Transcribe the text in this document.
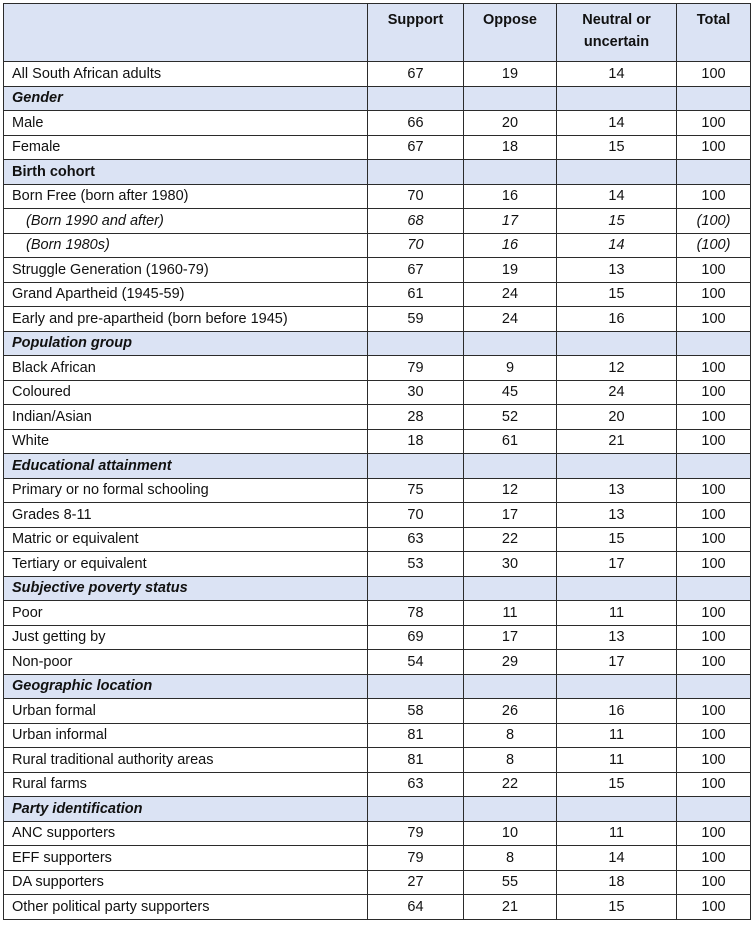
	Support	Oppose	Neutral or uncertain	Total
All South African adults	67	19	14	100
Gender				
Male	66	20	14	100
Female	67	18	15	100
Birth cohort				
Born Free (born after 1980)	70	16	14	100
(Born 1990 and after)	68	17	15	(100)
(Born 1980s)	70	16	14	(100)
Struggle Generation (1960-79)	67	19	13	100
Grand Apartheid (1945-59)	61	24	15	100
Early and pre-apartheid (born before 1945)	59	24	16	100
Population group				
Black African	79	9	12	100
Coloured	30	45	24	100
Indian/Asian	28	52	20	100
White	18	61	21	100
Educational attainment				
Primary or no formal schooling	75	12	13	100
Grades 8-11	70	17	13	100
Matric or equivalent	63	22	15	100
Tertiary or equivalent	53	30	17	100
Subjective poverty status				
Poor	78	11	11	100
Just getting by	69	17	13	100
Non-poor	54	29	17	100
Geographic location				
Urban formal	58	26	16	100
Urban informal	81	8	11	100
Rural traditional authority areas	81	8	11	100
Rural farms	63	22	15	100
Party identification				
ANC supporters	79	10	11	100
EFF supporters	79	8	14	100
DA supporters	27	55	18	100
Other political party supporters	64	21	15	100
